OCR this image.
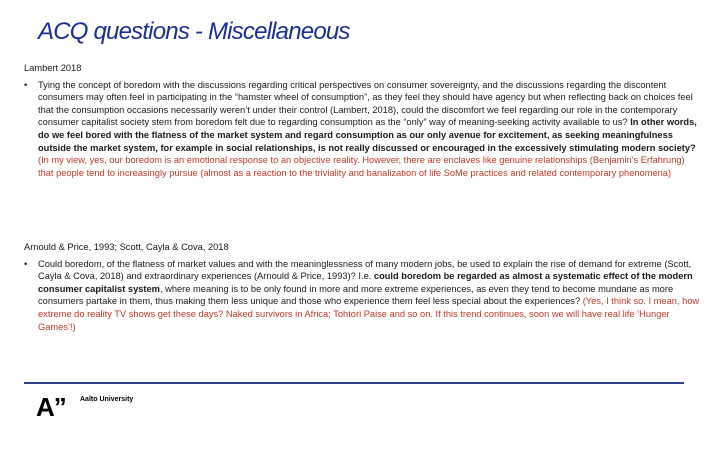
ACQ questions - Miscellaneous

Lambert 2018

•	Tying the concept of boredom with the discussions regarding critical perspectives on consumer sovereignty, and the discussions regarding the discontent consumers may often feel in participating in the “hamster wheel of consumption”, as they feel they should have agency but when reflecting back on choices feel that the consumption occasions necessarily weren’t under their control (Lambert, 2018), could the discomfort we feel regarding our role in the contemporary consumer capitalist society stem from boredom felt due to regarding consumption as the “only” way of meaning-seeking activity available to us? In other words, do we feel bored with the flatness of the market system and regard consumption as our only avenue for excitement, as seeking meaningfulness outside the market system, for example in social relationships, is not really discussed or encouraged in the excessively stimulating modern society? (In my view, yes, our boredom is an emotional response to an objective reality. However, there are enclaves like genuine relationships (Benjamin’s Erfahrung) that people tend to increasingly pursue (almost as a reaction to the triviality and banalization of life SoMe practices and related contemporary phenomena)

Arnould & Price, 1993; Scott, Cayla & Cova, 2018

•	Could boredom, of the flatness of market values and with the meaninglessness of many modern jobs, be used to explain the rise of demand for extreme (Scott, Cayla & Cova, 2018) and extraordinary experiences (Arnould & Price, 1993)? I.e. could boredom be regarded as almost a systematic effect of the modern consumer capitalist system, where meaning is to be only found in more and more extreme experiences, as even they tend to become mundane as more consumers partake in them, thus making them less unique and those who experience them feel less special about the experiences? (Yes, I think so. I mean, how extreme do reality TV shows get these days? Naked survivors in Africa; Tohtori Paise and so on. If this trend continues, soon we will have real life ‘Hunger Games’!)
A” Aalto University
